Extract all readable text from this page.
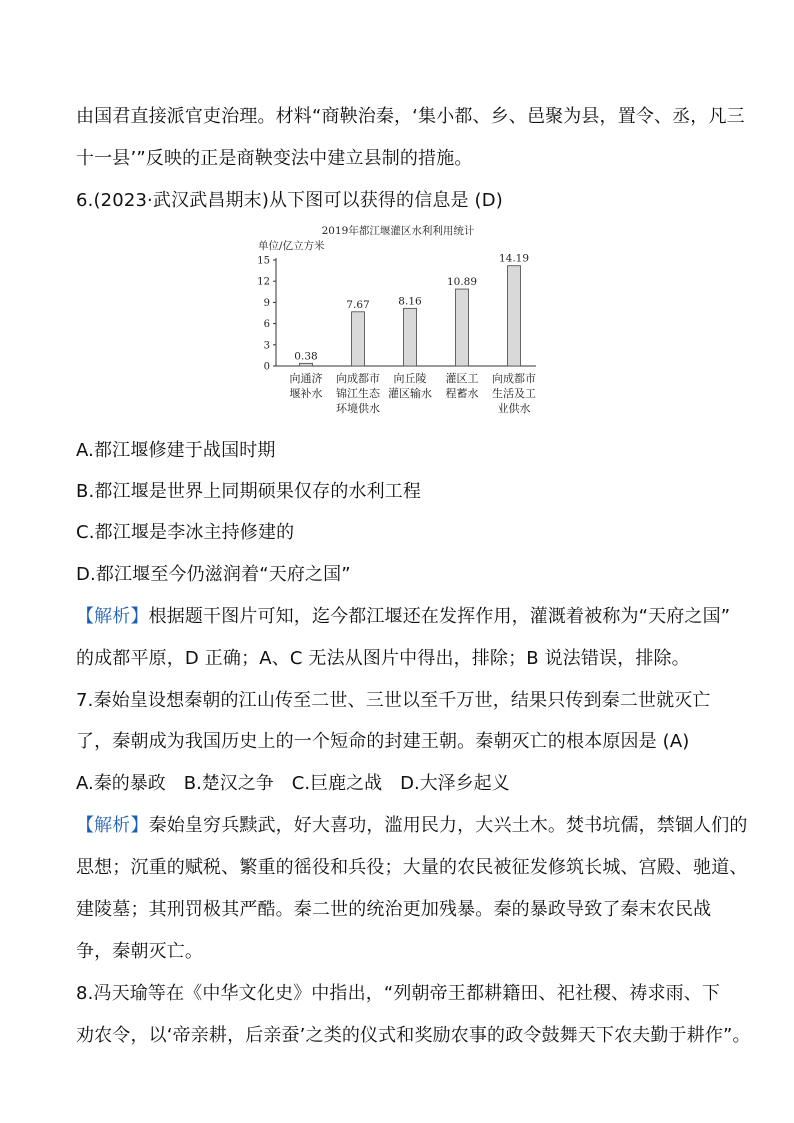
由国君直接派官吏治理。材料“商鞅治秦，‘集小都、乡、邑聚为县，置令、丞，凡三
十一县’”反映的正是商鞅变法中建立县制的措施。
6.(2023·武汉武昌期末)从下图可以获得的信息是 (D)
2019年都江堰灌区水利利用统计
单位/亿立方米
0
3
6
9
12
15
0.38
向通济
堰补水
7.67
向成都市
锦江生态
环境供水
8.16
向丘陵
灌区输水
10.89
灌区工
程蓄水
14.19
向成都市
生活及工
业供水
A.都江堰修建于战国时期
B.都江堰是世界上同期硕果仅存的水利工程
C.都江堰是李冰主持修建的
D.都江堰至今仍滋润着“天府之国”
【解析】根据题干图片可知，迄今都江堰还在发挥作用，灌溉着被称为“天府之国”
的成都平原，D 正确；A、C 无法从图片中得出，排除；B 说法错误，排除。
7.秦始皇设想秦朝的江山传至二世、三世以至千万世，结果只传到秦二世就灭亡
了，秦朝成为我国历史上的一个短命的封建王朝。秦朝灭亡的根本原因是 (A)
A.秦的暴政 B.楚汉之争 C.巨鹿之战 D.大泽乡起义
【解析】秦始皇穷兵黩武，好大喜功，滥用民力，大兴土木。焚书坑儒，禁锢人们的
思想；沉重的赋税、繁重的徭役和兵役；大量的农民被征发修筑长城、宫殿、驰道、
建陵墓；其刑罚极其严酷。秦二世的统治更加残暴。秦的暴政导致了秦末农民战
争，秦朝灭亡。
8.冯天瑜等在《中华文化史》中指出，“列朝帝王都耕籍田、祀社稷、祷求雨、下
劝农令，以‘帝亲耕，后亲蚕’之类的仪式和奖励农事的政令鼓舞天下农夫勤于耕作”。
